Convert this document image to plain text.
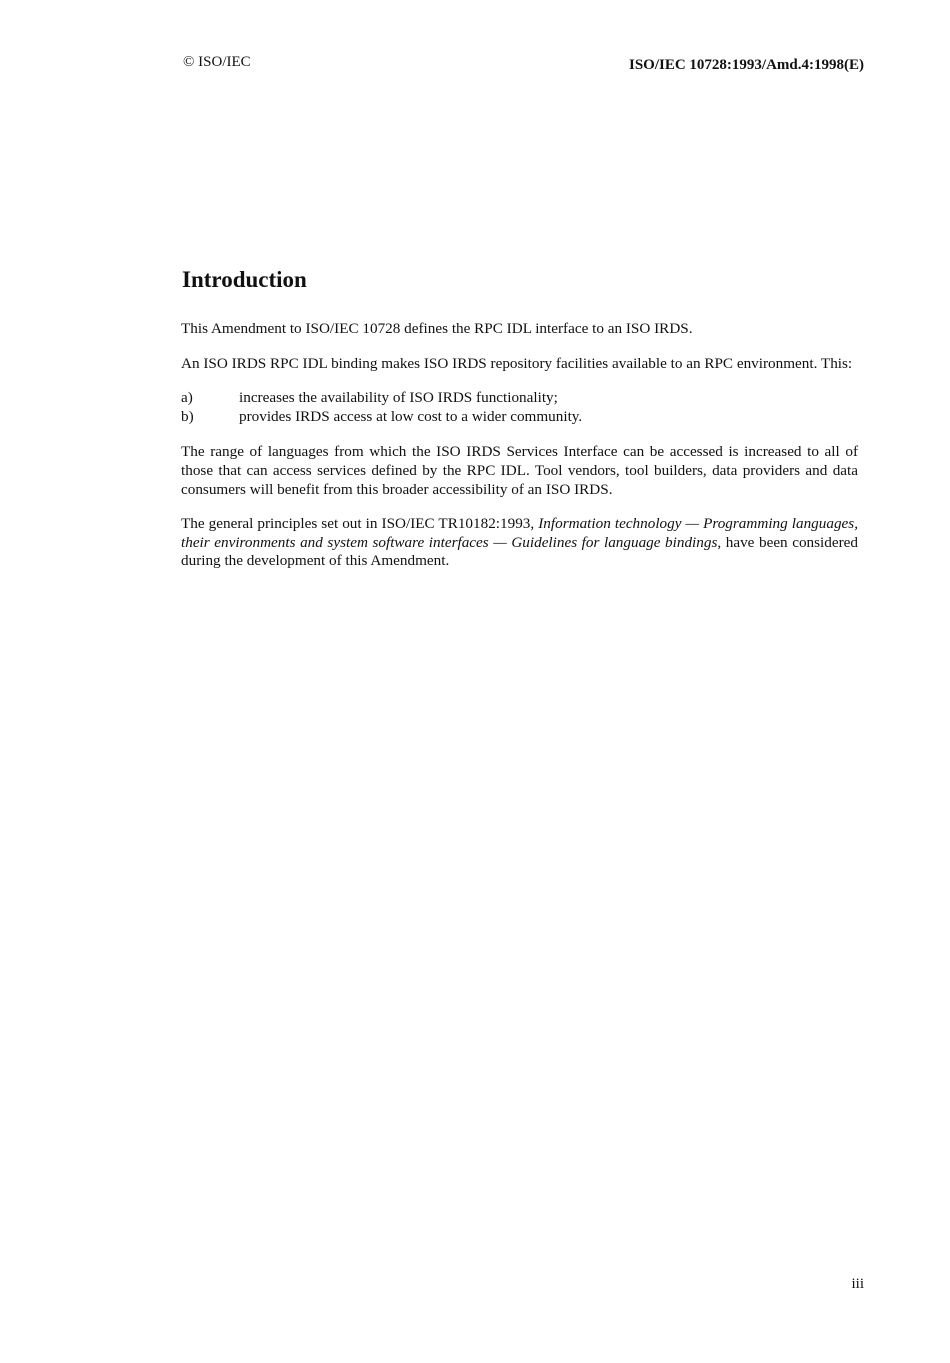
© ISO/IEC	ISO/IEC 10728:1993/Amd.4:1998(E)
Introduction

This Amendment to ISO/IEC 10728 defines the RPC IDL interface to an ISO IRDS.

An ISO IRDS RPC IDL binding makes ISO IRDS repository facilities available to an RPC environment. This:

a)	increases the availability of ISO IRDS functionality;
b)	provides IRDS access at low cost to a wider community.

The range of languages from which the ISO IRDS Services Interface can be accessed is increased to all of those that can access services defined by the RPC IDL. Tool vendors, tool builders, data providers and data consumers will benefit from this broader accessibility of an ISO IRDS.

The general principles set out in ISO/IEC TR10182:1993, Information technology — Programming languages, their environments and system software interfaces — Guidelines for language bindings, have been considered during the development of this Amendment.

iii
